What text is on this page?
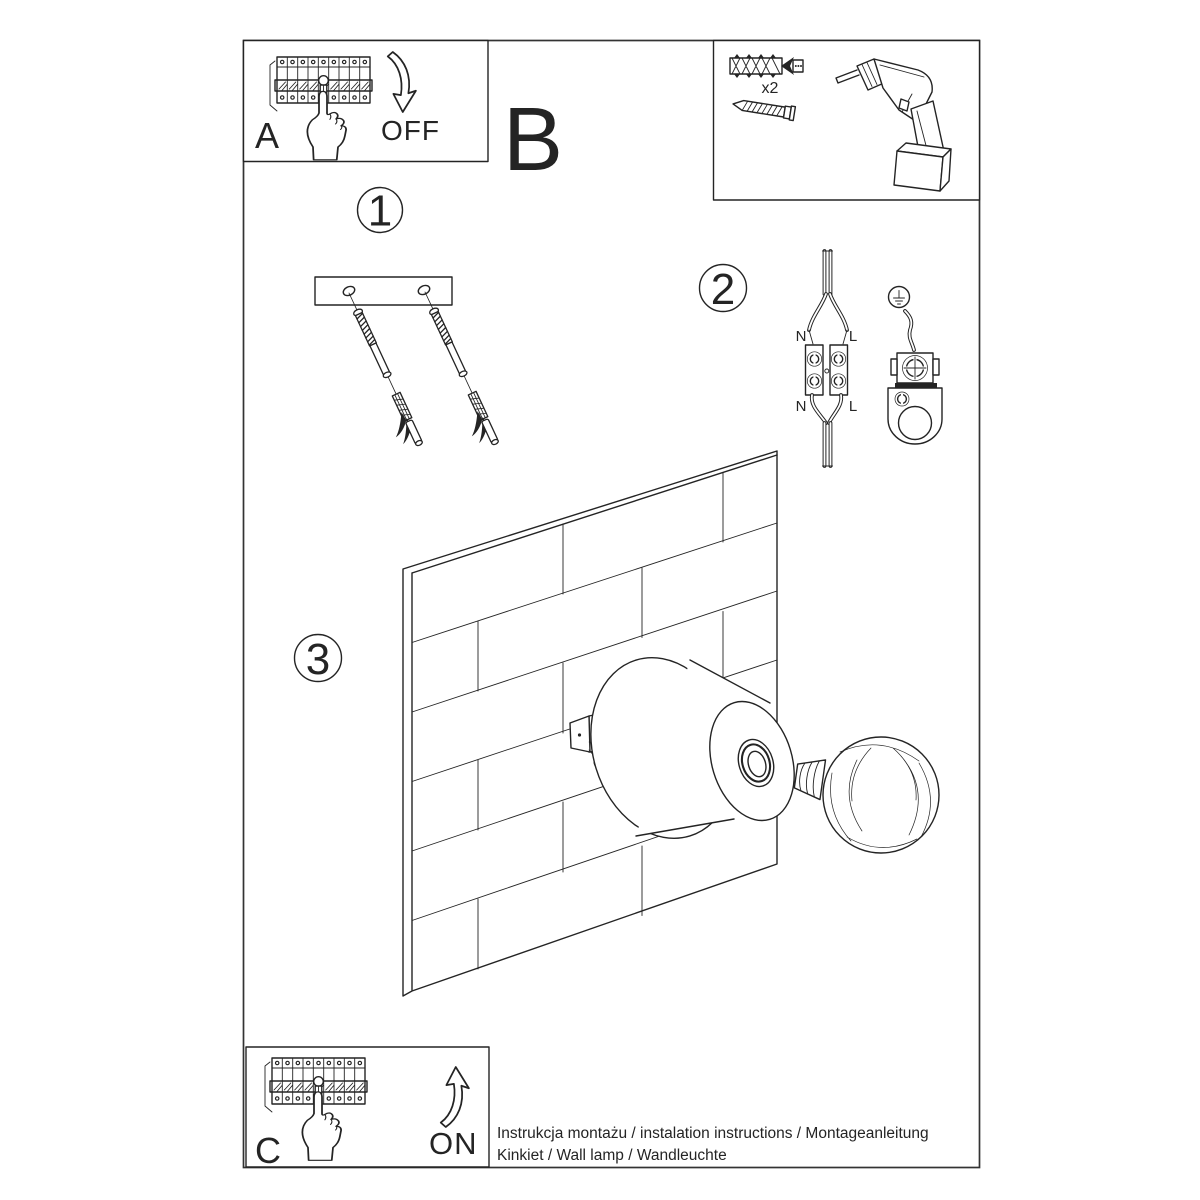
A	OFF B
x2
1
2
N	L
N	L
3
C	ON Instrukcja montażu / instalation instructions / Montageanleitung
Kinkiet / Wall lamp / Wandleuchte
